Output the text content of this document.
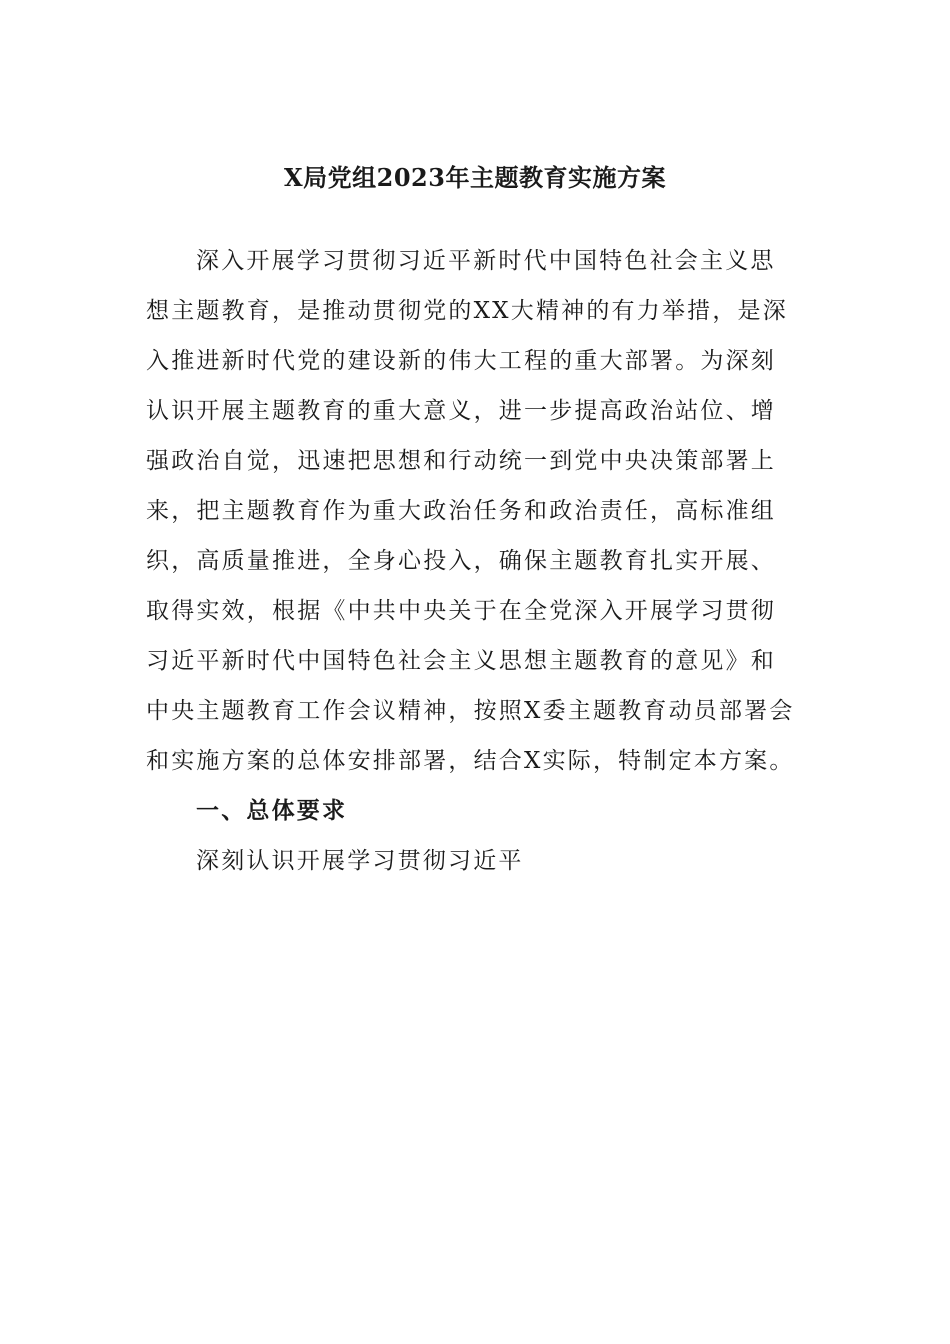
X局党组2023年主题教育实施方案
深入开展学习贯彻习近平新时代中国特色社会主义思
想主题教育，是推动贯彻党的XX大精神的有力举措，是深
入推进新时代党的建设新的伟大工程的重大部署。为深刻
认识开展主题教育的重大意义，进一步提高政治站位、增
强政治自觉，迅速把思想和行动统一到党中央决策部署上
来，把主题教育作为重大政治任务和政治责任，高标准组
织，高质量推进，全身心投入，确保主题教育扎实开展、
取得实效，根据《中共中央关于在全党深入开展学习贯彻
习近平新时代中国特色社会主义思想主题教育的意见》和
中央主题教育工作会议精神，按照X委主题教育动员部署会
和实施方案的总体安排部署，结合X实际，特制定本方案。
一、总体要求
深刻认识开展学习贯彻习近平
